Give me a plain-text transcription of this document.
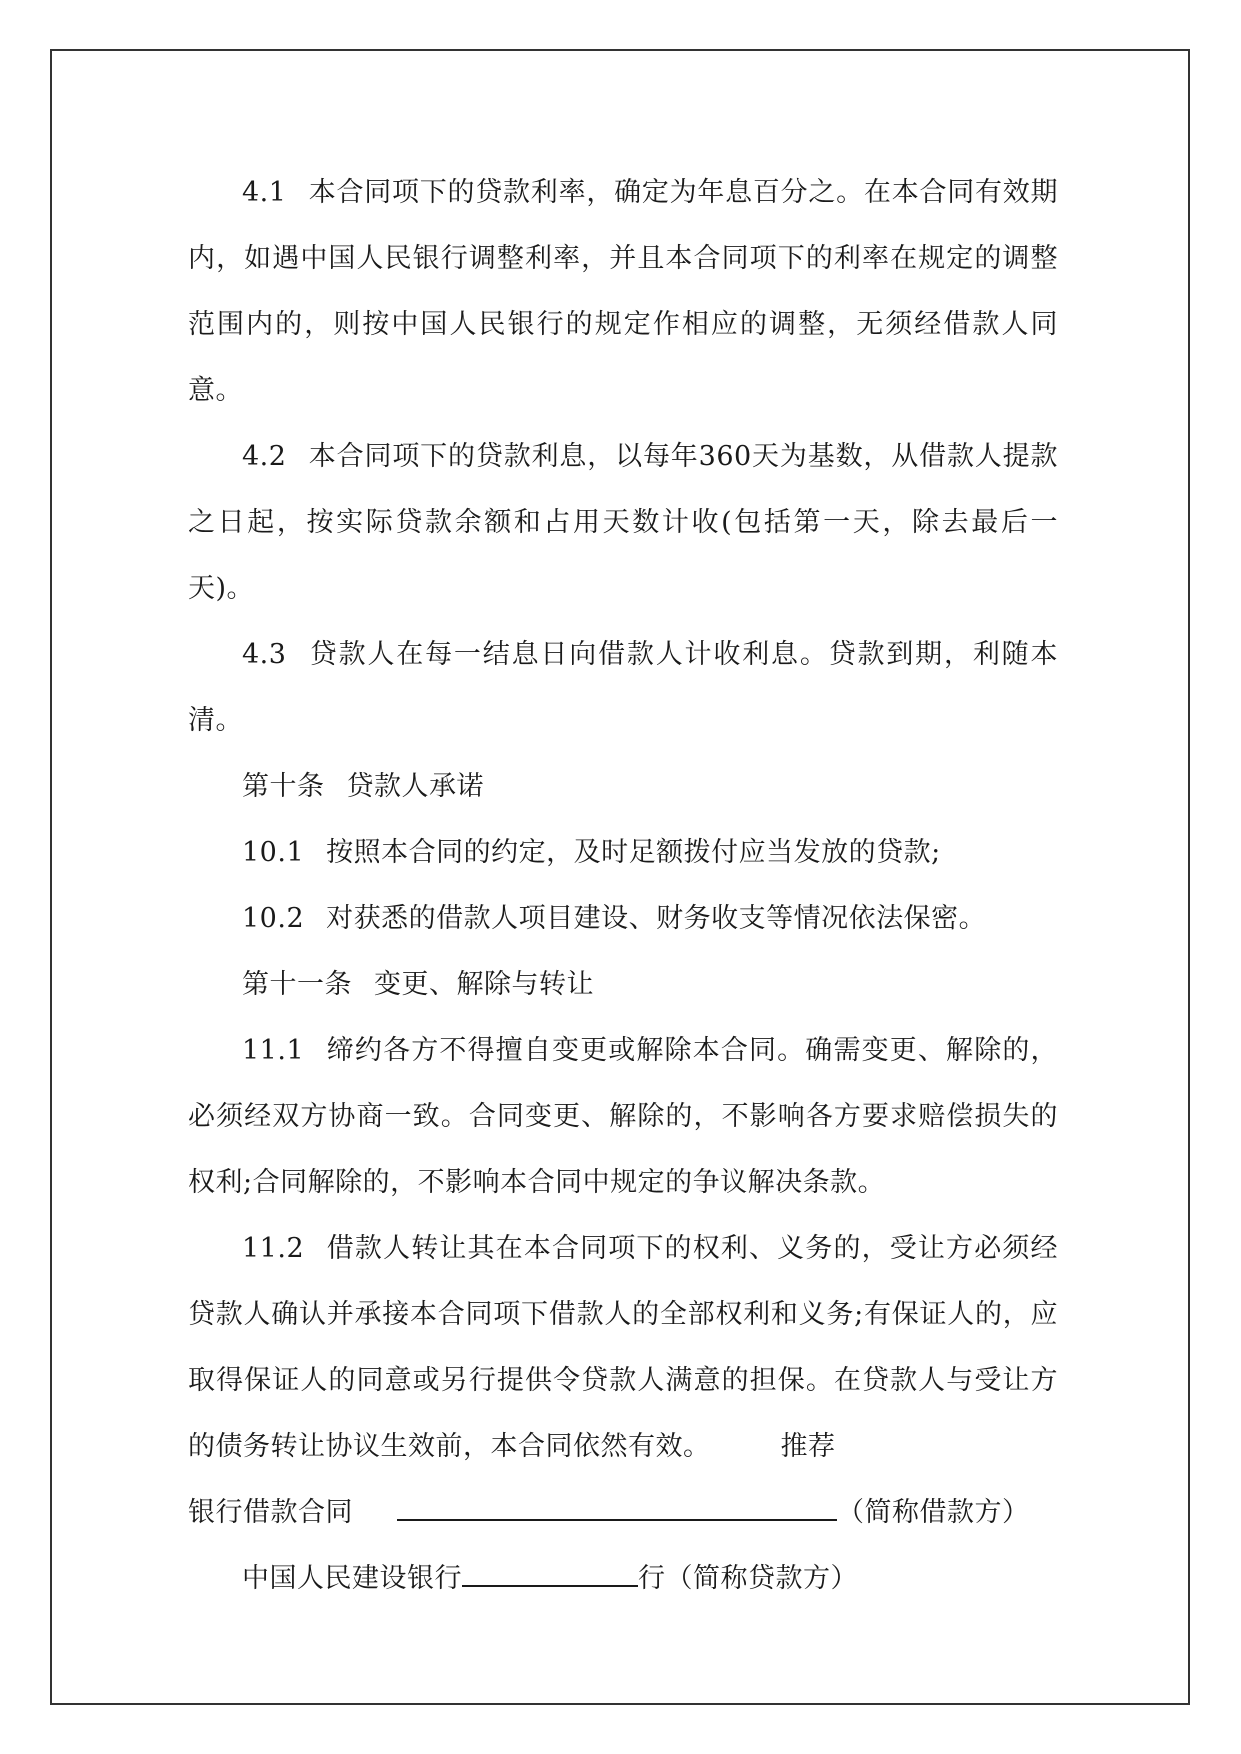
4.1 本合同项下的贷款利率，确定为年息百分之。在本合同有效期内，如遇中国人民银行调整利率，并且本合同项下的利率在规定的调整范围内的，则按中国人民银行的规定作相应的调整，无须经借款人同意。

4.2 本合同项下的贷款利息，以每年360天为基数，从借款人提款之日起，按实际贷款余额和占用天数计收(包括第一天，除去最后一天)。

4.3 贷款人在每一结息日向借款人计收利息。贷款到期，利随本清。

第十条 贷款人承诺

10.1 按照本合同的约定，及时足额拨付应当发放的贷款;

10.2 对获悉的借款人项目建设、财务收支等情况依法保密。

第十一条 变更、解除与转让

11.1 缔约各方不得擅自变更或解除本合同。确需变更、解除的，必须经双方协商一致。合同变更、解除的，不影响各方要求赔偿损失的权利;合同解除的，不影响本合同中规定的争议解决条款。

11.2 借款人转让其在本合同项下的权利、义务的，受让方必须经贷款人确认并承接本合同项下借款人的全部权利和义务;有保证人的，应取得保证人的同意或另行提供令贷款人满意的担保。在贷款人与受让方的债务转让协议生效前，本合同依然有效。	推荐

银行借款合同	（简称借款方）

中国人民建设银行	行（简称贷款方）
